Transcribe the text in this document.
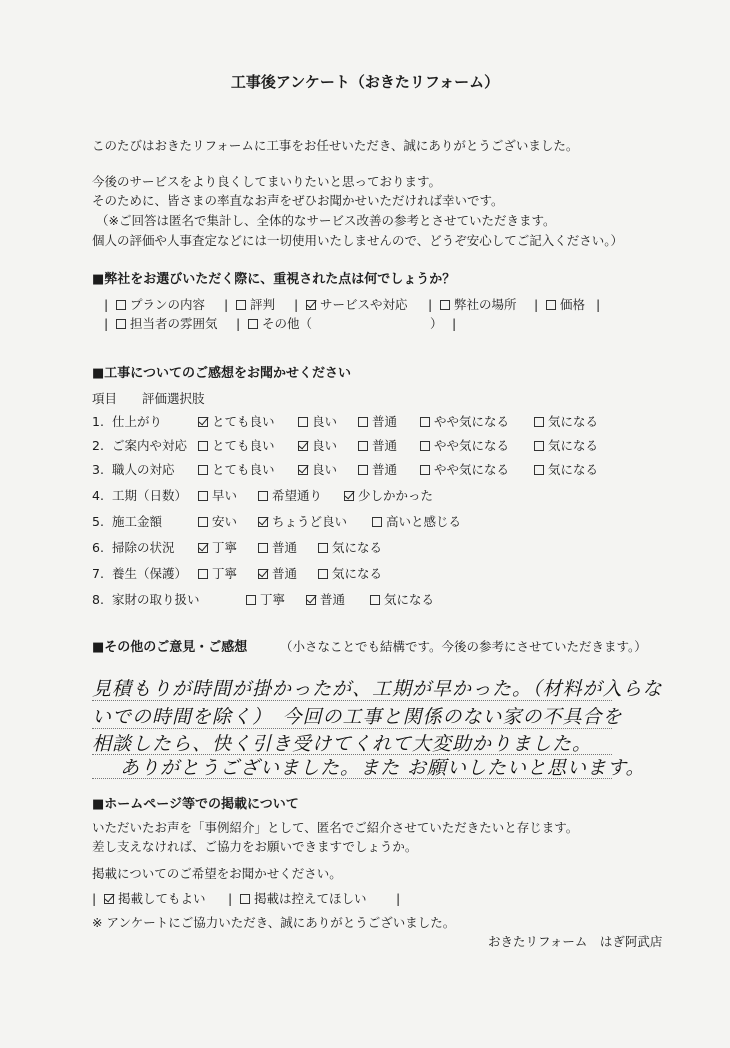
工事後アンケート（おきたリフォーム）
このたびはおきたリフォームに工事をお任せいただき、誠にありがとうございました。
今後のサービスをより良くしてまいりたいと思っております。
そのために、皆さまの率直なお声をぜひお聞かせいただければ幸いです。
（※ご回答は匿名で集計し、全体的なサービス改善の参考とさせていただきます。
個人の評価や人事査定などには一切使用いたしませんので、どうぞ安心してご記入ください。）
■弊社をお選びいただく際に、重視された点は何でしょうか？
|	プランの内容 |	評判 |	サービスや対応 |	弊社の場所 |	価格 |
|	担当者の雰囲気 |	その他（	） |
■工事についてのご感想をお聞かせください
項目 評価選択肢
1. 仕上がり	とても良い	良い	普通	やや気になる	気になる
2. ご案内や対応	とても良い	良い	普通	やや気になる	気になる
3. 職人の対応	とても良い	良い	普通	やや気になる	気になる
4. 工期（日数）	早い	希望通り	少しかかった
5. 施工金額	安い	ちょうど良い	高いと感じる
6. 掃除の状況	丁寧	普通	気になる
7. 養生（保護）	丁寧	普通	気になる
8. 家財の取り扱い	丁寧	普通	気になる
■その他のご意見・ご感想	（小さなことでも結構です。今後の参考にさせていただきます。）
見積もりが時間が掛かったが、工期が早かった。（材料が入らな
いでの時間を除く）　今回の工事と関係のない家の不具合を
相談したら、快く引き受けてくれて大変助かりました。
ありがとうございました。また お願いしたいと思います。
■ホームページ等での掲載について
いただいたお声を「事例紹介」として、匿名でご紹介させていただきたいと存じます。
差し支えなければ、ご協力をお願いできますでしょうか。
掲載についてのご希望をお聞かせください。
|	掲載してもよい |	掲載は控えてほしい |
※ アンケートにご協力いただき、誠にありがとうございました。
おきたリフォーム　はぎ阿武店
